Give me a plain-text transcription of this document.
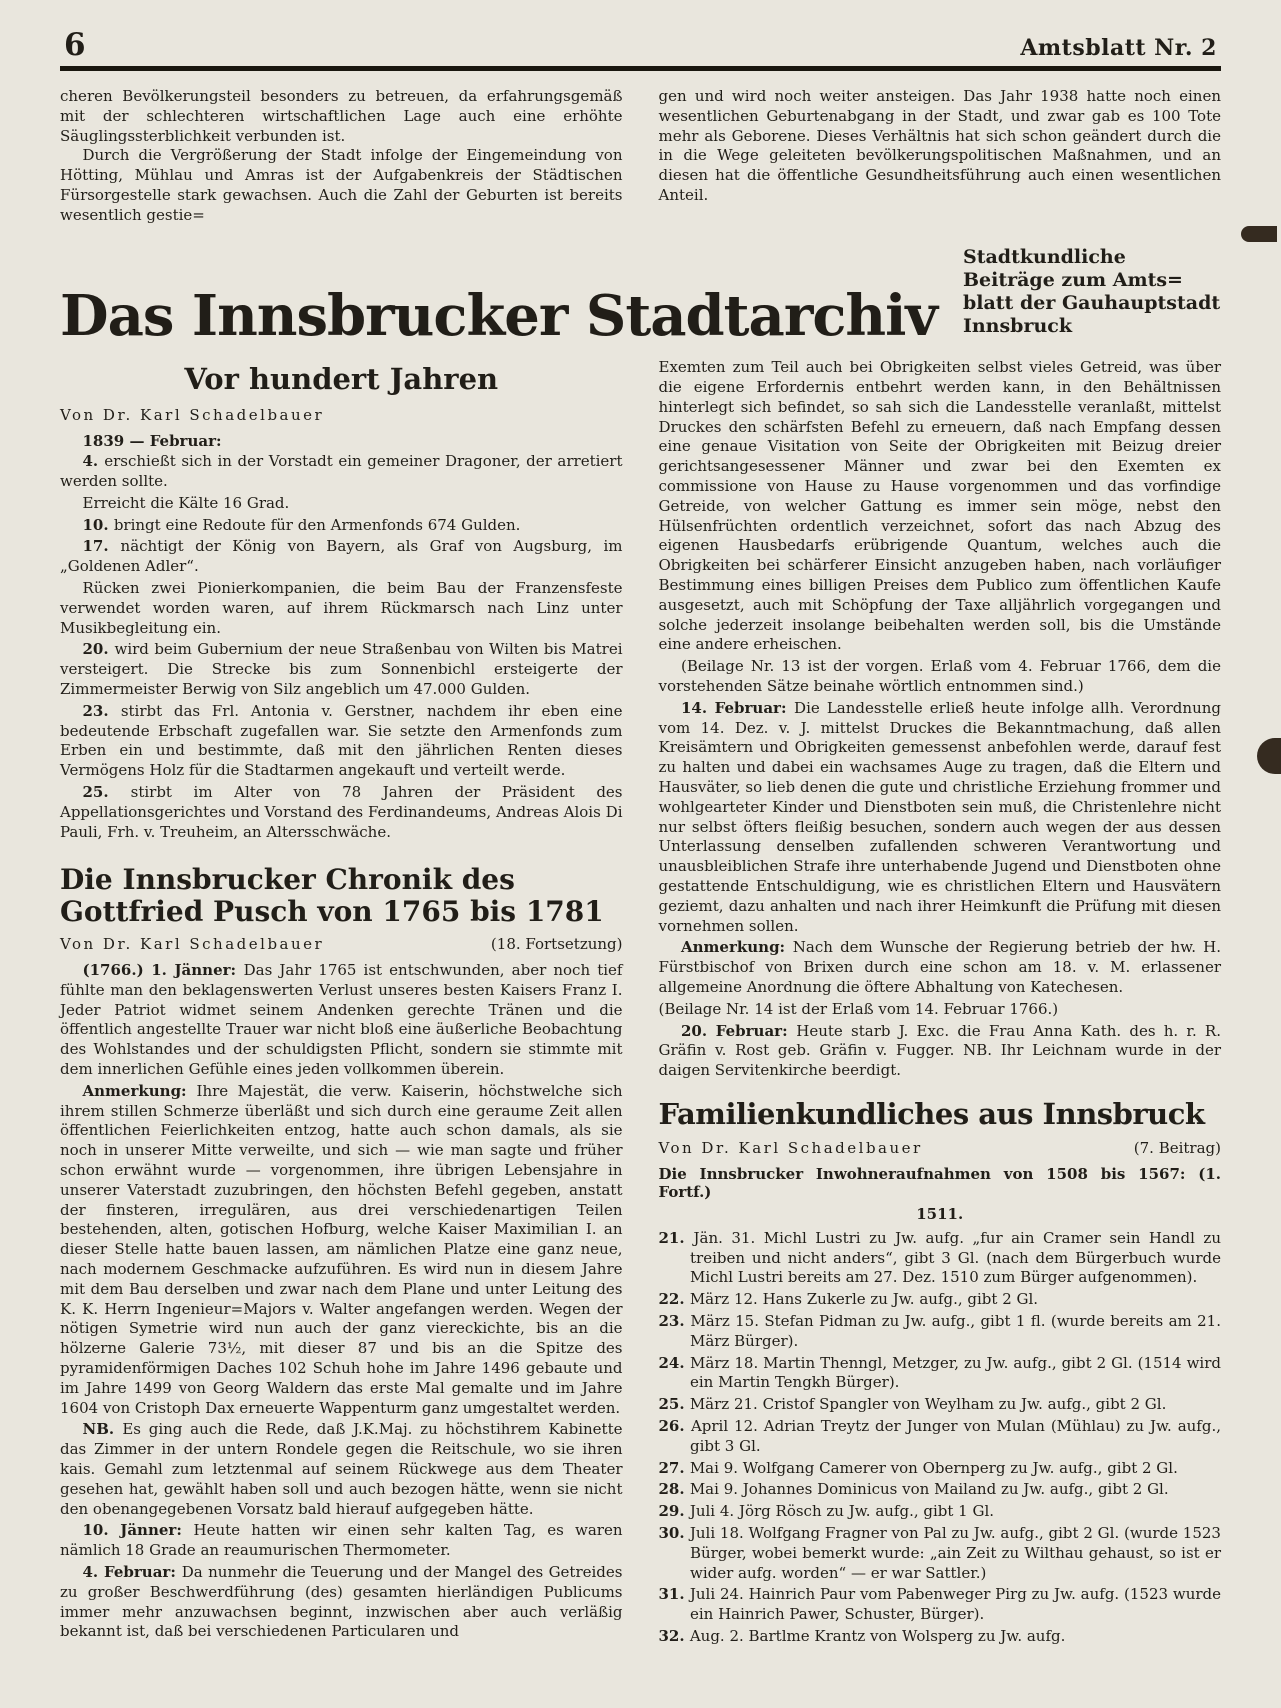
6	Amtsblatt Nr. 2

cheren Bevölkerungsteil besonders zu betreuen, da erfahrungsgemäß mit der schlechteren wirtschaftlichen Lage auch eine erhöhte Säuglingssterblichkeit verbunden ist.

Durch die Vergrößerung der Stadt infolge der Eingemeindung von Hötting, Mühlau und Amras ist der Aufgabenkreis der Städtischen Fürsorgestelle stark gewachsen. Auch die Zahl der Geburten ist bereits wesentlich gestie=

gen und wird noch weiter ansteigen. Das Jahr 1938 hatte noch einen wesentlichen Geburtenabgang in der Stadt, und zwar gab es 100 Tote mehr als Geborene. Dieses Verhältnis hat sich schon geändert durch die in die Wege geleiteten bevölkerungspolitischen Maßnahmen, und an diesen hat die öffentliche Gesundheitsführung auch einen wesentlichen Anteil.

Das Innsbrucker Stadtarchiv
Stadtkundliche Beiträge zum Amts=
blatt der Gauhauptstadt Innsbruck
Vor hundert Jahren
Von Dr. Karl Schadelbauer

1839 — Februar:

4. erschießt sich in der Vorstadt ein gemeiner Dragoner, der arretiert werden sollte.

Erreicht die Kälte 16 Grad.

10. bringt eine Redoute für den Armenfonds 674 Gulden.

17. nächtigt der König von Bayern, als Graf von Augsburg, im „Goldenen Adler“.

Rücken zwei Pionierkompanien, die beim Bau der Franzensfeste verwendet worden waren, auf ihrem Rückmarsch nach Linz unter Musikbegleitung ein.

20. wird beim Gubernium der neue Straßenbau von Wilten bis Matrei versteigert. Die Strecke bis zum Sonnenbichl ersteigerte der Zimmermeister Berwig von Silz angeblich um 47.000 Gulden.

23. stirbt das Frl. Antonia v. Gerstner, nachdem ihr eben eine bedeutende Erbschaft zugefallen war. Sie setzte den Armenfonds zum Erben ein und bestimmte, daß mit den jährlichen Renten dieses Vermögens Holz für die Stadtarmen angekauft und verteilt werde.

25. stirbt im Alter von 78 Jahren der Präsident des Appellationsgerichtes und Vorstand des Ferdinandeums, Andreas Alois Di Pauli, Frh. v. Treuheim, an Altersschwäche.

Die Innsbrucker Chronik des
Gottfried Pusch von 1765 bis 1781
Von Dr. Karl Schadelbauer	(18. Fortsetzung)

(1766.) 1. Jänner: Das Jahr 1765 ist entschwunden, aber noch tief fühlte man den beklagenswerten Verlust unseres besten Kaisers Franz I. Jeder Patriot widmet seinem Andenken gerechte Tränen und die öffentlich angestellte Trauer war nicht bloß eine äußerliche Beobachtung des Wohlstandes und der schuldigsten Pflicht, sondern sie stimmte mit dem innerlichen Gefühle eines jeden vollkommen überein.

Anmerkung: Ihre Majestät, die verw. Kaiserin, höchstwelche sich ihrem stillen Schmerze überläßt und sich durch eine geraume Zeit allen öffentlichen Feierlichkeiten entzog, hatte auch schon damals, als sie noch in unserer Mitte verweilte, und sich — wie man sagte und früher schon erwähnt wurde — vorgenommen, ihre übrigen Lebensjahre in unserer Vaterstadt zuzubringen, den höchsten Befehl gegeben, anstatt der finsteren, irregulären, aus drei verschiedenartigen Teilen bestehenden, alten, gotischen Hofburg, welche Kaiser Maximilian I. an dieser Stelle hatte bauen lassen, am nämlichen Platze eine ganz neue, nach modernem Geschmacke aufzuführen. Es wird nun in diesem Jahre mit dem Bau derselben und zwar nach dem Plane und unter Leitung des K. K. Herrn Ingenieur=Majors v. Walter angefangen werden. Wegen der nötigen Symetrie wird nun auch der ganz viereckichte, bis an die hölzerne Galerie 73½, mit dieser 87 und bis an die Spitze des pyramidenförmigen Daches 102 Schuh hohe im Jahre 1496 gebaute und im Jahre 1499 von Georg Waldern das erste Mal gemalte und im Jahre 1604 von Cristoph Dax erneuerte Wappenturm ganz umgestaltet werden.

NB. Es ging auch die Rede, daß J.K.Maj. zu höchstihrem Kabinette das Zimmer in der untern Rondele gegen die Reitschule, wo sie ihren kais. Gemahl zum letztenmal auf seinem Rückwege aus dem Theater gesehen hat, gewählt haben soll und auch bezogen hätte, wenn sie nicht den obenangegebenen Vorsatz bald hierauf aufgegeben hätte.

10. Jänner: Heute hatten wir einen sehr kalten Tag, es waren nämlich 18 Grade an reaumurischen Thermometer.

4. Februar: Da nunmehr die Teuerung und der Mangel des Getreides zu großer Beschwerdführung (des) gesamten hierländigen Publicums immer mehr anzuwachsen beginnt, inzwischen aber auch verläßig bekannt ist, daß bei verschiedenen Particularen und

Exemten zum Teil auch bei Obrigkeiten selbst vieles Getreid, was über die eigene Erfordernis entbehrt werden kann, in den Behältnissen hinterlegt sich befindet, so sah sich die Landesstelle veranlaßt, mittelst Druckes den schärfsten Befehl zu erneuern, daß nach Empfang dessen eine genaue Visitation von Seite der Obrigkeiten mit Beizug dreier gerichtsangesessener Männer und zwar bei den Exemten ex commissione von Hause zu Hause vorgenommen und das vorfindige Getreide, von welcher Gattung es immer sein möge, nebst den Hülsenfrüchten ordentlich verzeichnet, sofort das nach Abzug des eigenen Hausbedarfs erübrigende Quantum, welches auch die Obrigkeiten bei schärferer Einsicht anzugeben haben, nach vorläufiger Bestimmung eines billigen Preises dem Publico zum öffentlichen Kaufe ausgesetzt, auch mit Schöpfung der Taxe alljährlich vorgegangen und solche jederzeit insolange beibehalten werden soll, bis die Umstände eine andere erheischen.

(Beilage Nr. 13 ist der vorgen. Erlaß vom 4. Februar 1766, dem die vorstehenden Sätze beinahe wörtlich entnommen sind.)

14. Februar: Die Landesstelle erließ heute infolge allh. Verordnung vom 14. Dez. v. J. mittelst Druckes die Bekanntmachung, daß allen Kreisämtern und Obrigkeiten gemessenst anbefohlen werde, darauf fest zu halten und dabei ein wachsames Auge zu tragen, daß die Eltern und Hausväter, so lieb denen die gute und christliche Erziehung frommer und wohlgearteter Kinder und Dienstboten sein muß, die Christenlehre nicht nur selbst öfters fleißig besuchen, sondern auch wegen der aus dessen Unterlassung denselben zufallenden schweren Verantwortung und unausbleiblichen Strafe ihre unterhabende Jugend und Dienstboten ohne gestattende Entschuldigung, wie es christlichen Eltern und Hausvätern geziemt, dazu anhalten und nach ihrer Heimkunft die Prüfung mit diesen vornehmen sollen.

Anmerkung: Nach dem Wunsche der Regierung betrieb der hw. H. Fürstbischof von Brixen durch eine schon am 18. v. M. erlassener allgemeine Anordnung die öftere Abhaltung von Katechesen.

(Beilage Nr. 14 ist der Erlaß vom 14. Februar 1766.)

20. Februar: Heute starb J. Exc. die Frau Anna Kath. des h. r. R. Gräfin v. Rost geb. Gräfin v. Fugger. NB. Ihr Leichnam wurde in der daigen Servitenkirche beerdigt.

Familienkundliches aus Innsbruck
Von Dr. Karl Schadelbauer	(7. Beitrag)

Die Innsbrucker Inwohneraufnahmen von 1508 bis 1567: (1. Fortf.)

1511.

21. Jän. 31. Michl Lustri zu Jw. aufg. „fur ain Cramer sein Handl zu treiben und nicht anders“, gibt 3 Gl. (nach dem Bürgerbuch wurde Michl Lustri bereits am 27. Dez. 1510 zum Bürger aufgenommen).

22. März 12. Hans Zukerle zu Jw. aufg., gibt 2 Gl.

23. März 15. Stefan Pidman zu Jw. aufg., gibt 1 fl. (wurde bereits am 21. März Bürger).

24. März 18. Martin Thenngl, Metzger, zu Jw. aufg., gibt 2 Gl. (1514 wird ein Martin Tengkh Bürger).

25. März 21. Cristof Spangler von Weylham zu Jw. aufg., gibt 2 Gl.

26. April 12. Adrian Treytz der Junger von Mulan (Mühlau) zu Jw. aufg., gibt 3 Gl.

27. Mai 9. Wolfgang Camerer von Obernperg zu Jw. aufg., gibt 2 Gl.

28. Mai 9. Johannes Dominicus von Mailand zu Jw. aufg., gibt 2 Gl.

29. Juli 4. Jörg Rösch zu Jw. aufg., gibt 1 Gl.

30. Juli 18. Wolfgang Fragner von Pal zu Jw. aufg., gibt 2 Gl. (wurde 1523 Bürger, wobei bemerkt wurde: „ain Zeit zu Wilthau gehaust, so ist er wider aufg. worden“ — er war Sattler.)

31. Juli 24. Hainrich Paur vom Pabenweger Pirg zu Jw. aufg. (1523 wurde ein Hainrich Pawer, Schuster, Bürger).

32. Aug. 2. Bartlme Krantz von Wolsperg zu Jw. aufg.
